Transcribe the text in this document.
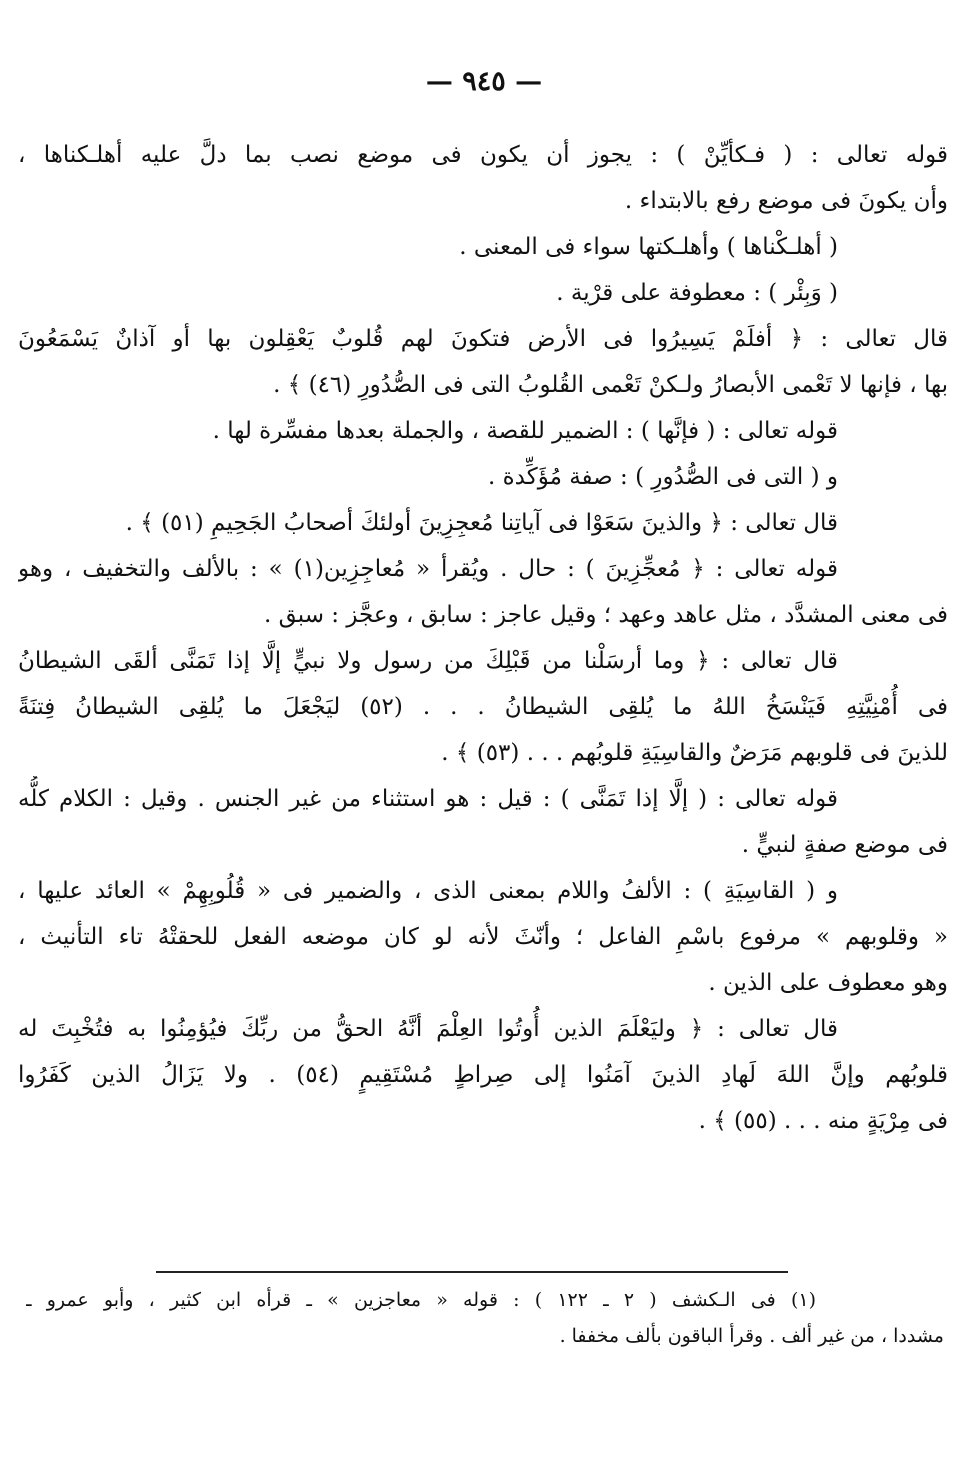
— ٩٤٥ —
قوله تعالى : ( فـكأيِّنْ ) : يجوز أن يكون فى موضع نصب بما دلَّ عليه أهلـكناها ،
وأن يكونَ فى موضع رفع بالابتداء .
( أهلـكْناها ) وأهلـكتها سواء فى المعنى .
( وَبِئْر ) : معطوفة على قرْية .
قال تعالى : ﴿ أفلَمْ يَسِيرُوا فى الأرض فتكونَ لهم قُلوبٌ يَعْقِلون بها أو آذانٌ يَسْمَعُونَ
بها ، فإنها لا تَعْمى الأبصارُ ولـكنْ تَعْمى القُلوبُ التى فى الصُّدُورِ (٤٦) ﴾ .
قوله تعالى : ( فإنَّها ) : الضمير للقصة ، والجملة بعدها مفسِّرة لها .
و ( التى فى الصُّدُورِ ) : صفة مُؤَكِّدة .
قال تعالى : ﴿ والذينَ سَعَوْا فى آياتِنا مُعجِزِينَ أولئكَ أصحابُ الجَحِيمِ (٥١) ﴾ .
قوله تعالى : ﴿ مُعجِّزِينَ ) : حال . ويُقرأ « مُعاجِزِين(١) » : بالألف والتخفيف ، وهو
فى معنى المشدَّد ، مثل عاهد وعهد ؛ وقيل عاجز : سابق ، وعجَّز : سبق .
قال تعالى : ﴿ وما أرسَلْنا من قَبْلِكَ من رسول ولا نبيٍّ إلَّا إذا تَمَنَّى ألقَى الشيطانُ
فى أُمْنِيَّتِهِ فَيَنْسَخُ اللهُ ما يُلقِى الشيطانُ . . . (٥٢) ليَجْعَلَ ما يُلقِى الشيطانُ فِتنَةً
للذينَ فى قلوبهم مَرَضٌ والقاسِيَةِ قلوبُهم . . . (٥٣) ﴾ .
قوله تعالى : ( إلَّا إذا تَمَنَّى ) : قيل : هو استثناء من غير الجنس . وقيل : الكلام كلُّه
فى موضع صفةٍ لنبيٍّ .
و ( القاسِيَةِ ) : الألفُ واللام بمعنى الذى ، والضمير فى « قُلُوبِهِمْ » العائد عليها ،
« وقلوبهم » مرفوع باسْمِ الفاعل ؛ وأنّثَ لأنه لو كان موضعه الفعل للحقتْهُ تاء التأنيث ،
وهو معطوف على الذين .
قال تعالى : ﴿ وليَعْلَمَ الذين أُوتُوا العِلْمَ أنَّهُ الحقُّ من ربِّكَ فيُؤمِنُوا به فتُخْبِتَ له
قلوبُهم وإنَّ اللهَ لَهادِ الذينَ آمَنُوا إلى صِراطٍ مُسْتَقِيمٍ (٥٤) . ولا يَزَالُ الذين كَفَرُوا
فى مِرْيَةٍ منه . . . (٥٥) ﴾ .
(١) فى الـكشف ( ٢ ـ ١٢٢ ) : قوله « معاجزين » ـ قرأه ابن كثير ، وأبو عمرو ـ
مشددا ، من غير ألف . وقرأ الباقون بألف مخففا .
